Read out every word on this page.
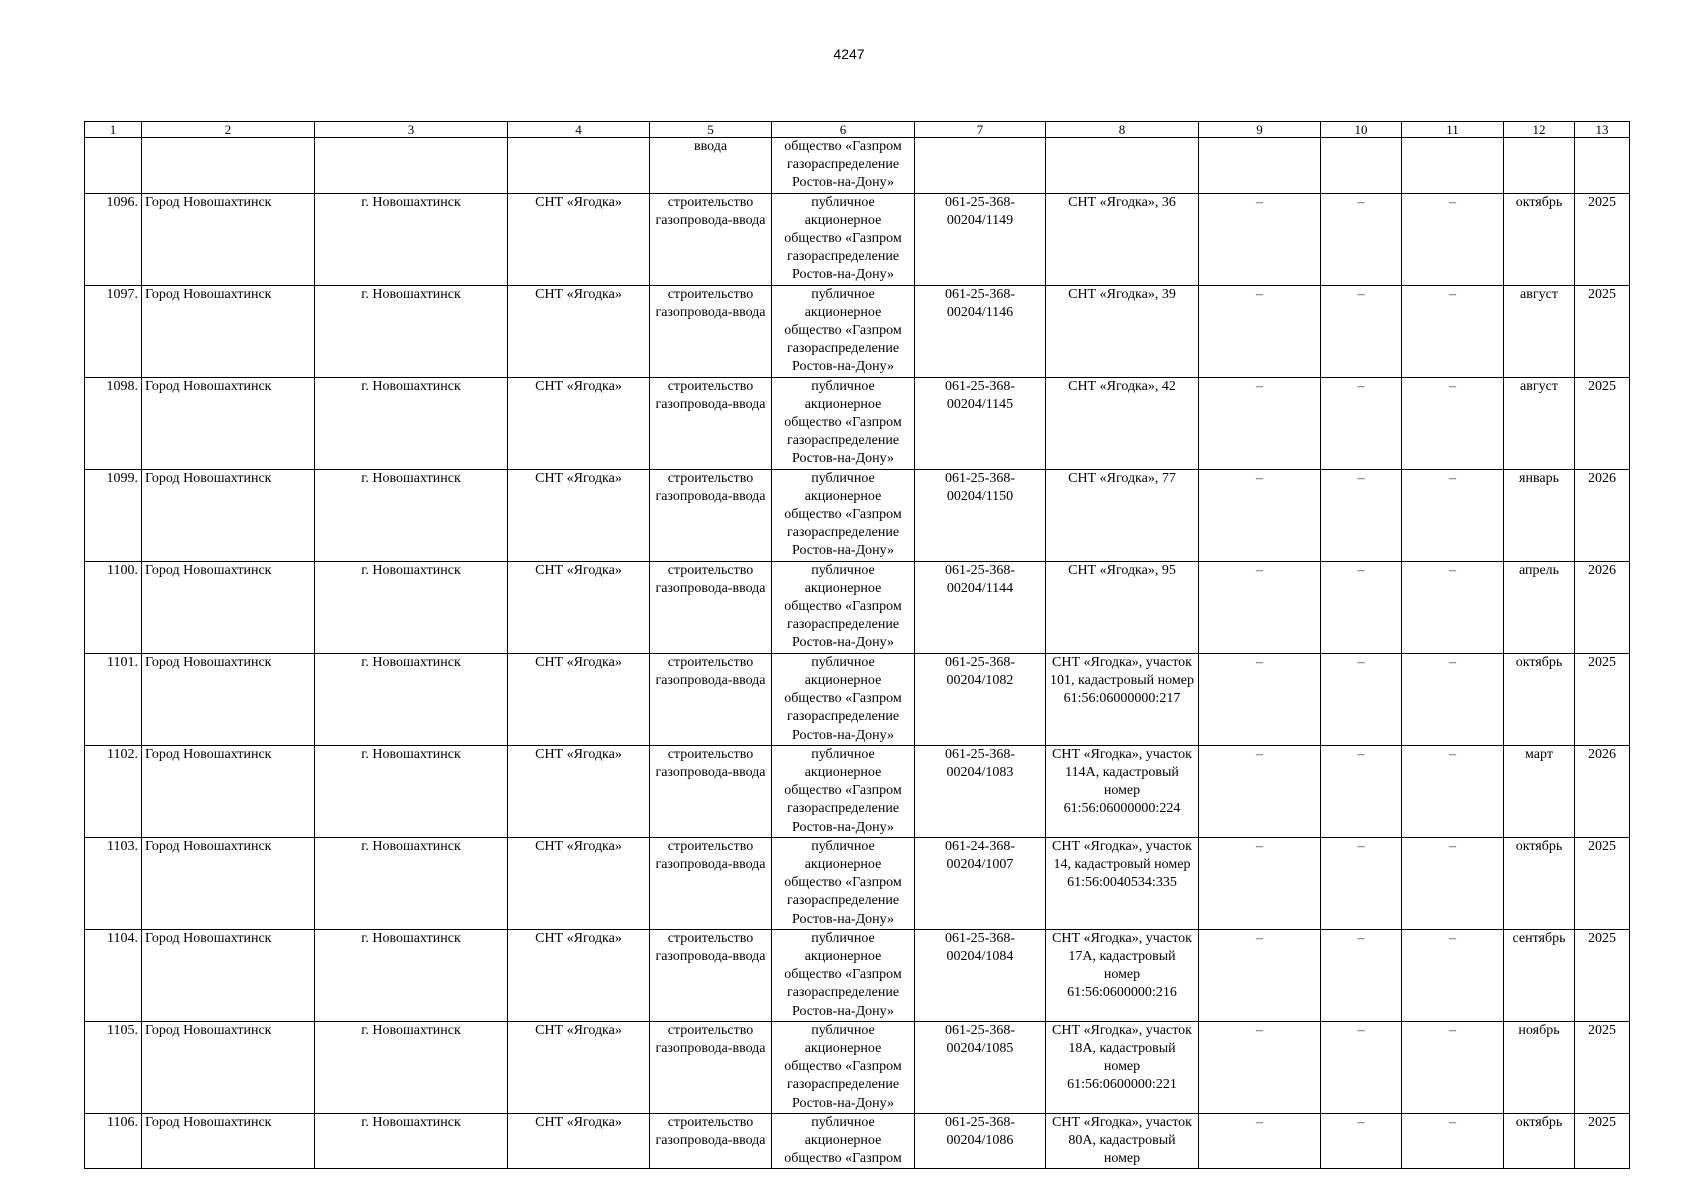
4247
1	2	3	4	5	6	7	8	9	10	11	12	13
				ввода	общество «Газпром газораспределение Ростов-на-Дону»							
1096.	Город Новошахтинск	г. Новошахтинск	СНТ «Ягодка»	строительство газопровода-ввода	публичное акционерное общество «Газпром газораспределение Ростов-на-Дону»	061-25-368-00204/1149	СНТ «Ягодка», 36	–	–	–	октябрь	2025
1097.	Город Новошахтинск	г. Новошахтинск	СНТ «Ягодка»	строительство газопровода-ввода	публичное акционерное общество «Газпром газораспределение Ростов-на-Дону»	061-25-368-00204/1146	СНТ «Ягодка», 39	–	–	–	август	2025
1098.	Город Новошахтинск	г. Новошахтинск	СНТ «Ягодка»	строительство газопровода-ввода	публичное акционерное общество «Газпром газораспределение Ростов-на-Дону»	061-25-368-00204/1145	СНТ «Ягодка», 42	–	–	–	август	2025
1099.	Город Новошахтинск	г. Новошахтинск	СНТ «Ягодка»	строительство газопровода-ввода	публичное акционерное общество «Газпром газораспределение Ростов-на-Дону»	061-25-368-00204/1150	СНТ «Ягодка», 77	–	–	–	январь	2026
1100.	Город Новошахтинск	г. Новошахтинск	СНТ «Ягодка»	строительство газопровода-ввода	публичное акционерное общество «Газпром газораспределение Ростов-на-Дону»	061-25-368-00204/1144	СНТ «Ягодка», 95	–	–	–	апрель	2026
1101.	Город Новошахтинск	г. Новошахтинск	СНТ «Ягодка»	строительство газопровода-ввода	публичное акционерное общество «Газпром газораспределение Ростов-на-Дону»	061-25-368-00204/1082	СНТ «Ягодка», участок 101, кадастровый номер 61:56:06000000:217	–	–	–	октябрь	2025
1102.	Город Новошахтинск	г. Новошахтинск	СНТ «Ягодка»	строительство газопровода-ввода	публичное акционерное общество «Газпром газораспределение Ростов-на-Дону»	061-25-368-00204/1083	СНТ «Ягодка», участок 114А, кадастровый номер 61:56:06000000:224	–	–	–	март	2026
1103.	Город Новошахтинск	г. Новошахтинск	СНТ «Ягодка»	строительство газопровода-ввода	публичное акционерное общество «Газпром газораспределение Ростов-на-Дону»	061-24-368-00204/1007	СНТ «Ягодка», участок 14, кадастровый номер 61:56:0040534:335	–	–	–	октябрь	2025
1104.	Город Новошахтинск	г. Новошахтинск	СНТ «Ягодка»	строительство газопровода-ввода	публичное акционерное общество «Газпром газораспределение Ростов-на-Дону»	061-25-368-00204/1084	СНТ «Ягодка», участок 17А, кадастровый номер 61:56:0600000:216	–	–	–	сентябрь	2025
1105.	Город Новошахтинск	г. Новошахтинск	СНТ «Ягодка»	строительство газопровода-ввода	публичное акционерное общество «Газпром газораспределение Ростов-на-Дону»	061-25-368-00204/1085	СНТ «Ягодка», участок 18А, кадастровый номер 61:56:0600000:221	–	–	–	ноябрь	2025
1106.	Город Новошахтинск	г. Новошахтинск	СНТ «Ягодка»	строительство газопровода-ввода	публичное акционерное общество «Газпром	061-25-368-00204/1086	СНТ «Ягодка», участок 80А, кадастровый номер	–	–	–	октябрь	2025
